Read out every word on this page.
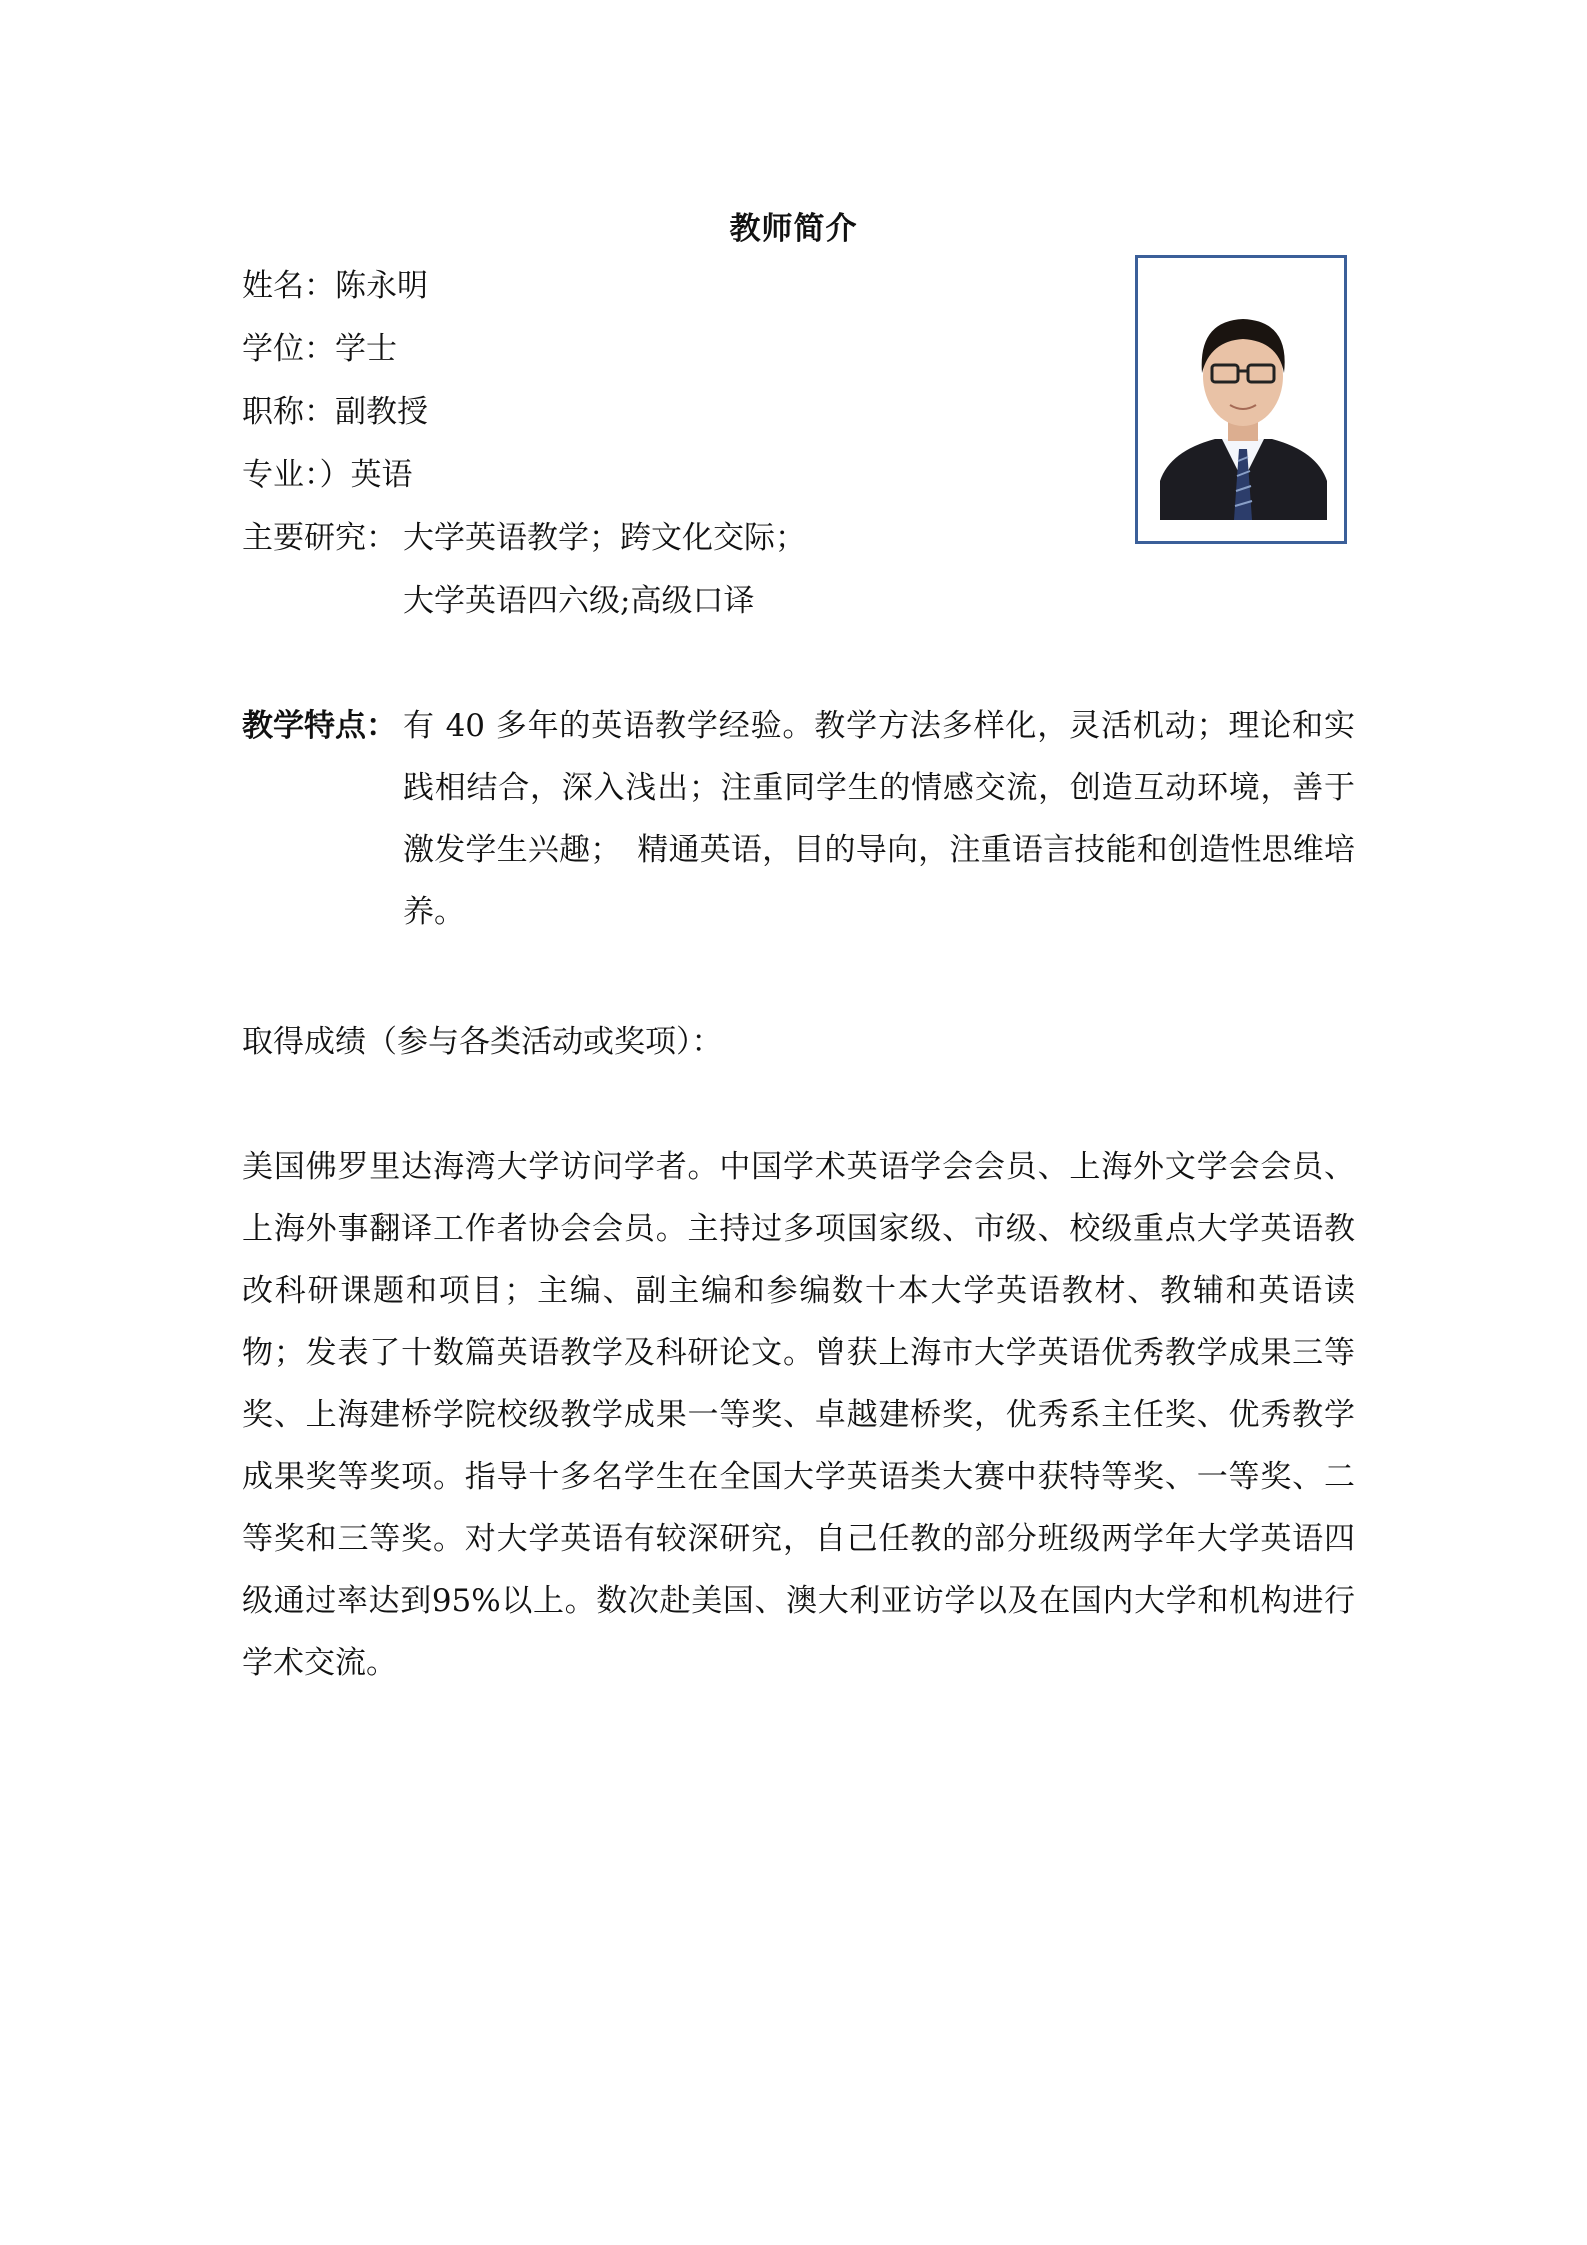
教师简介
姓名：陈永明
学位：学士
职称：副教授
专业：）英语
主要研究： 大学英语教学；跨文化交际；
大学英语四六级;高级口译
教学特点： 有 40 多年的英语教学经验。教学方法多样化，灵活机动；理论和实践相结合，深入浅出；注重同学生的情感交流，创造互动环境，善于激发学生兴趣；　精通英语，目的导向，注重语言技能和创造性思维培养。
取得成绩（参与各类活动或奖项）：
美国佛罗里达海湾大学访问学者。中国学术英语学会会员、上海外文学会会员、上海外事翻译工作者协会会员。主持过多项国家级、市级、校级重点大学英语教改科研课题和项目；主编、副主编和参编数十本大学英语教材、教辅和英语读物；发表了十数篇英语教学及科研论文。曾获上海市大学英语优秀教学成果三等奖、上海建桥学院校级教学成果一等奖、卓越建桥奖，优秀系主任奖、优秀教学成果奖等奖项。指导十多名学生在全国大学英语类大赛中获特等奖、一等奖、二等奖和三等奖。对大学英语有较深研究，自己任教的部分班级两学年大学英语四级通过率达到95%以上。数次赴美国、澳大利亚访学以及在国内大学和机构进行学术交流。
